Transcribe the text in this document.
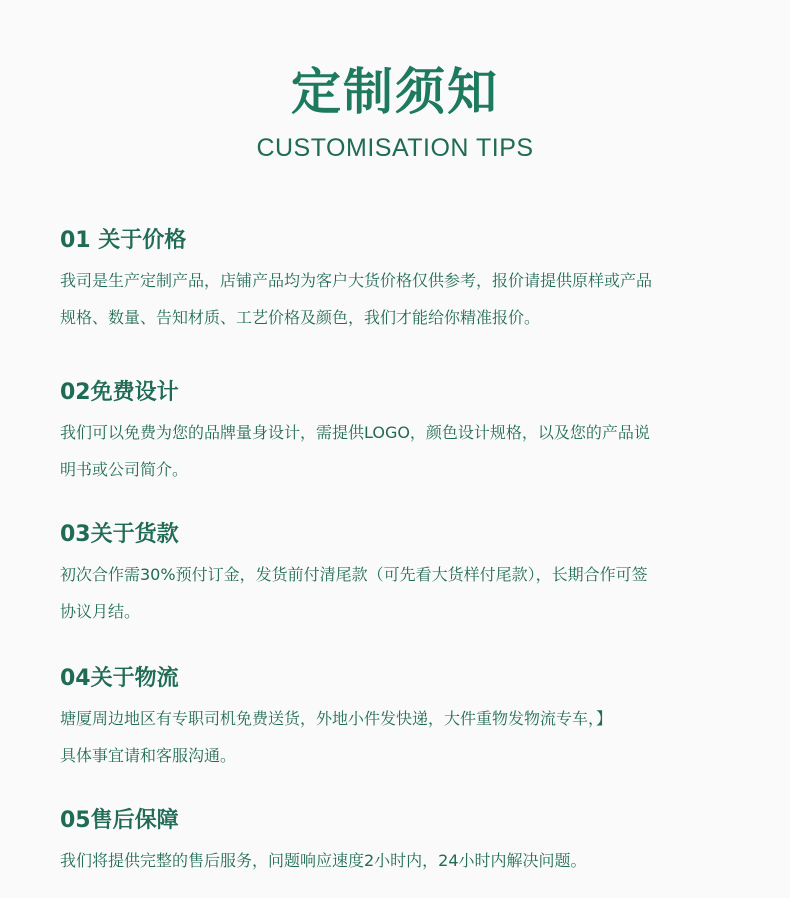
定制须知
CUSTOMISATION TIPS
01 关于价格
我司是生产定制产品，店铺产品均为客户大货价格仅供参考，报价请提供原样或产品
规格、数量、告知材质、工艺价格及颜色，我们才能给你精准报价。
02免费设计
我们可以免费为您的品牌量身设计，需提供LOGO，颜色设计规格，以及您的产品说
明书或公司简介。
03关于货款
初次合作需30%预付订金，发货前付清尾款（可先看大货样付尾款），长期合作可签
协议月结。
04关于物流
塘厦周边地区有专职司机免费送货，外地小件发快递，大件重物发物流专车，】
具体事宜请和客服沟通。
05售后保障
我们将提供完整的售后服务，问题响应速度2小时内，24小时内解决问题。
